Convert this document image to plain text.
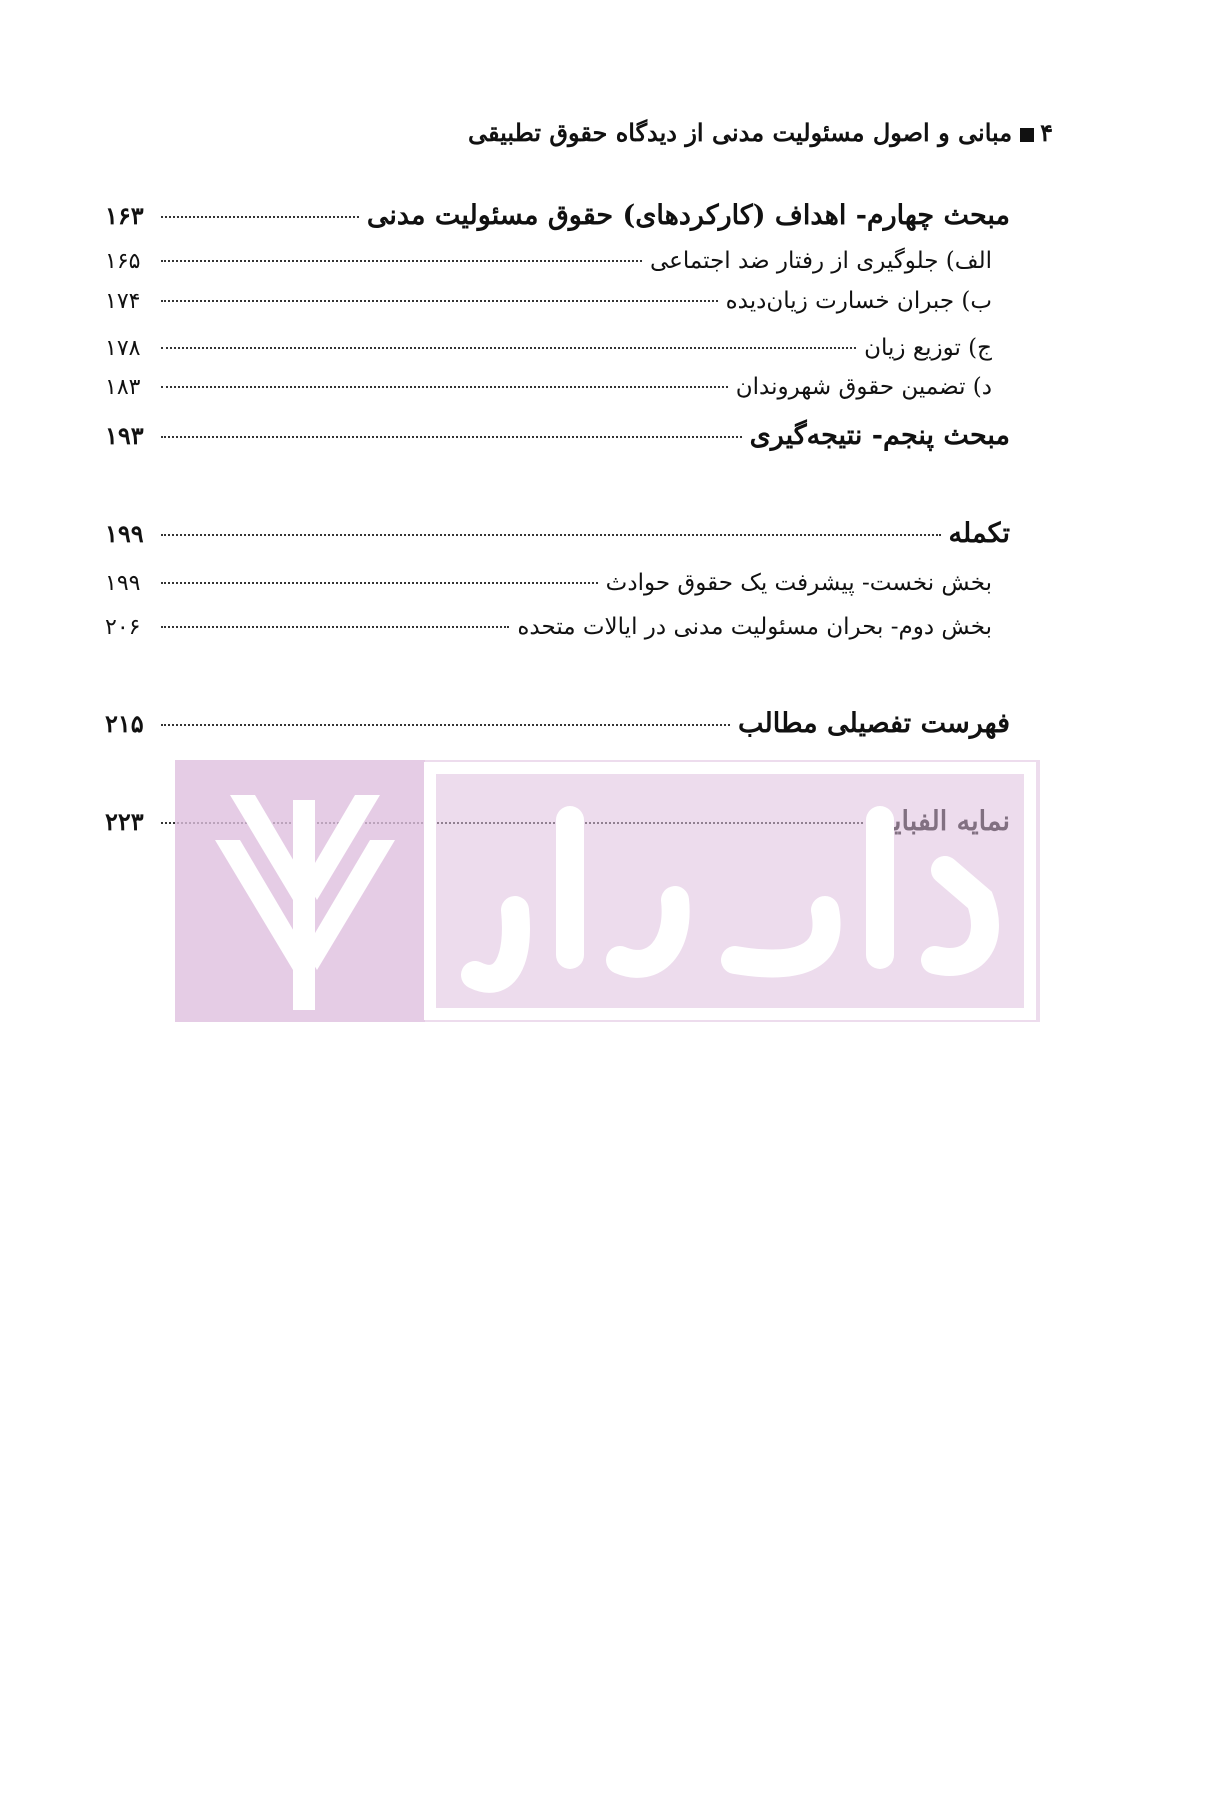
۴مبانی و اصول مسئولیت مدنی از دیدگاه حقوق تطبیقی
مبحث چهارم- اهداف (کارکردهای) حقوق مسئولیت مدنی
۱۶۳
الف) جلوگیری از رفتار ضد اجتماعی
۱۶۵
ب) جبران خسارت زیان‌دیده
۱۷۴
ج) توزیع زیان
۱۷۸
د) تضمین حقوق شهروندان
۱۸۳
مبحث پنجم- نتیجه‌گیری
۱۹۳
تکمله
۱۹۹
بخش نخست- پیشرفت یک حقوق حوادث
۱۹۹
بخش دوم- بحران مسئولیت مدنی در ایالات متحده
۲۰۶
فهرست تفصیلی مطالب
۲۱۵
۲۲۳
